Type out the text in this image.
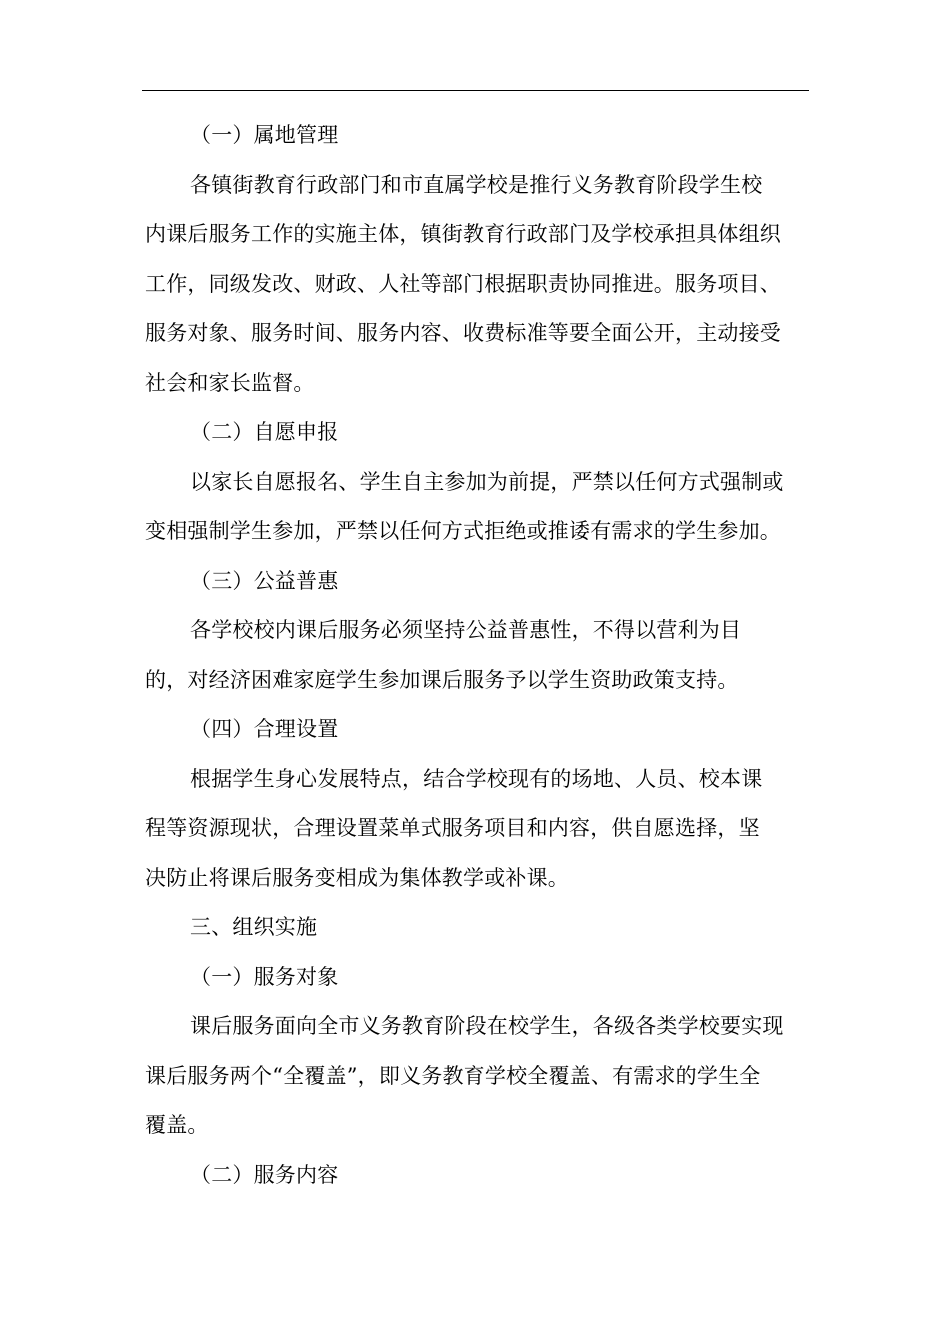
（一）属地管理
各镇街教育行政部门和市直属学校是推行义务教育阶段学生校
内课后服务工作的实施主体，镇街教育行政部门及学校承担具体组织
工作，同级发改、财政、人社等部门根据职责协同推进。服务项目、
服务对象、服务时间、服务内容、收费标准等要全面公开，主动接受
社会和家长监督。
（二）自愿申报
以家长自愿报名、学生自主参加为前提，严禁以任何方式强制或
变相强制学生参加，严禁以任何方式拒绝或推诿有需求的学生参加。
（三）公益普惠
各学校校内课后服务必须坚持公益普惠性，不得以营利为目
的，对经济困难家庭学生参加课后服务予以学生资助政策支持。
（四）合理设置
根据学生身心发展特点，结合学校现有的场地、人员、校本课
程等资源现状，合理设置菜单式服务项目和内容，供自愿选择，坚
决防止将课后服务变相成为集体教学或补课。
三、组织实施
（一）服务对象
课后服务面向全市义务教育阶段在校学生，各级各类学校要实现
课后服务两个“全覆盖”，即义务教育学校全覆盖、有需求的学生全
覆盖。
（二）服务内容
